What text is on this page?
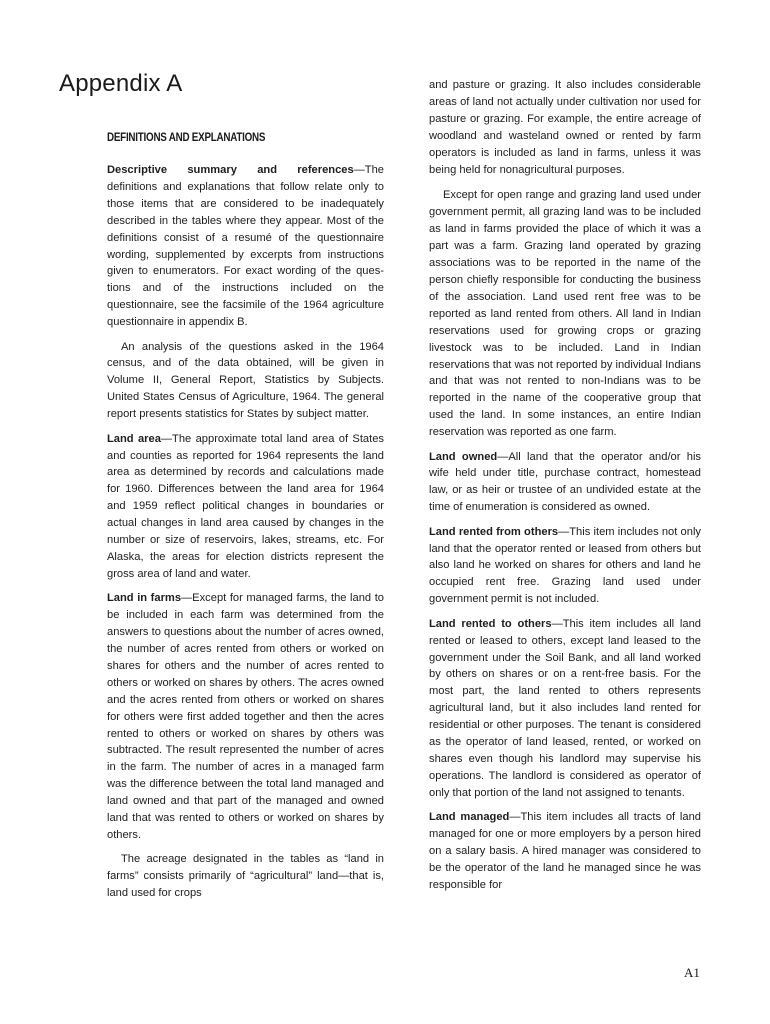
Appendix A
DEFINITIONS AND EXPLANATIONS

Descriptive summary and references—The definitions and explanations that follow relate only to those items that are considered to be inadequately described in the tables where they appear. Most of the definitions consist of a resumé of the questionnaire wording, supplemented by excerpts from instructions given to enumerators. For exact wording of the questions and of the instructions included on the questionnaire, see the facsimile of the 1964 agriculture questionnaire in appendix B.

An analysis of the questions asked in the 1964 census, and of the data obtained, will be given in Volume II, General Report, Statistics by Subjects. United States Census of Agriculture, 1964. The general report presents statistics for States by subject matter.

Land area—The approximate total land area of States and counties as reported for 1964 represents the land area as determined by records and calculations made for 1960. Differences between the land area for 1964 and 1959 reflect political changes in boundaries or actual changes in land area caused by changes in the number or size of reservoirs, lakes, streams, etc. For Alaska, the areas for election districts represent the gross area of land and water.

Land in farms—Except for managed farms, the land to be included in each farm was determined from the answers to questions about the number of acres owned, the number of acres rented from others or worked on shares for others and the number of acres rented to others or worked on shares by others. The acres owned and the acres rented from others or worked on shares for others were first added together and then the acres rented to others or worked on shares by others was subtracted. The result represented the number of acres in the farm. The number of acres in a managed farm was the difference between the total land managed and land owned and that part of the managed and owned land that was rented to others or worked on shares by others.

The acreage designated in the tables as “land in farms” consists primarily of “agricultural” land—that is, land used for crops

and pasture or grazing. It also includes considerable areas of land not actually under cultivation nor used for pasture or grazing. For example, the entire acreage of woodland and wasteland owned or rented by farm operators is included as land in farms, unless it was being held for nonagricultural purposes.

Except for open range and grazing land used under government permit, all grazing land was to be included as land in farms provided the place of which it was a part was a farm. Grazing land operated by grazing associations was to be reported in the name of the person chiefly responsible for conducting the business of the association. Land used rent free was to be reported as land rented from others. All land in Indian reservations used for growing crops or grazing livestock was to be included. Land in Indian reservations that was not reported by individual Indians and that was not rented to non-Indians was to be reported in the name of the cooperative group that used the land. In some instances, an entire Indian reservation was reported as one farm.

Land owned—All land that the operator and/or his wife held under title, purchase contract, homestead law, or as heir or trustee of an undivided estate at the time of enumeration is considered as owned.

Land rented from others—This item includes not only land that the operator rented or leased from others but also land he worked on shares for others and land he occupied rent free. Grazing land used under government permit is not included.

Land rented to others—This item includes all land rented or leased to others, except land leased to the government under the Soil Bank, and all land worked by others on shares or on a rent-free basis. For the most part, the land rented to others represents agricultural land, but it also includes land rented for residential or other purposes. The tenant is considered as the operator of land leased, rented, or worked on shares even though his landlord may supervise his operations. The landlord is considered as operator of only that portion of the land not assigned to tenants.

Land managed—This item includes all tracts of land managed for one or more employers by a person hired on a salary basis. A hired manager was considered to be the operator of the land he managed since he was responsible for

A1
